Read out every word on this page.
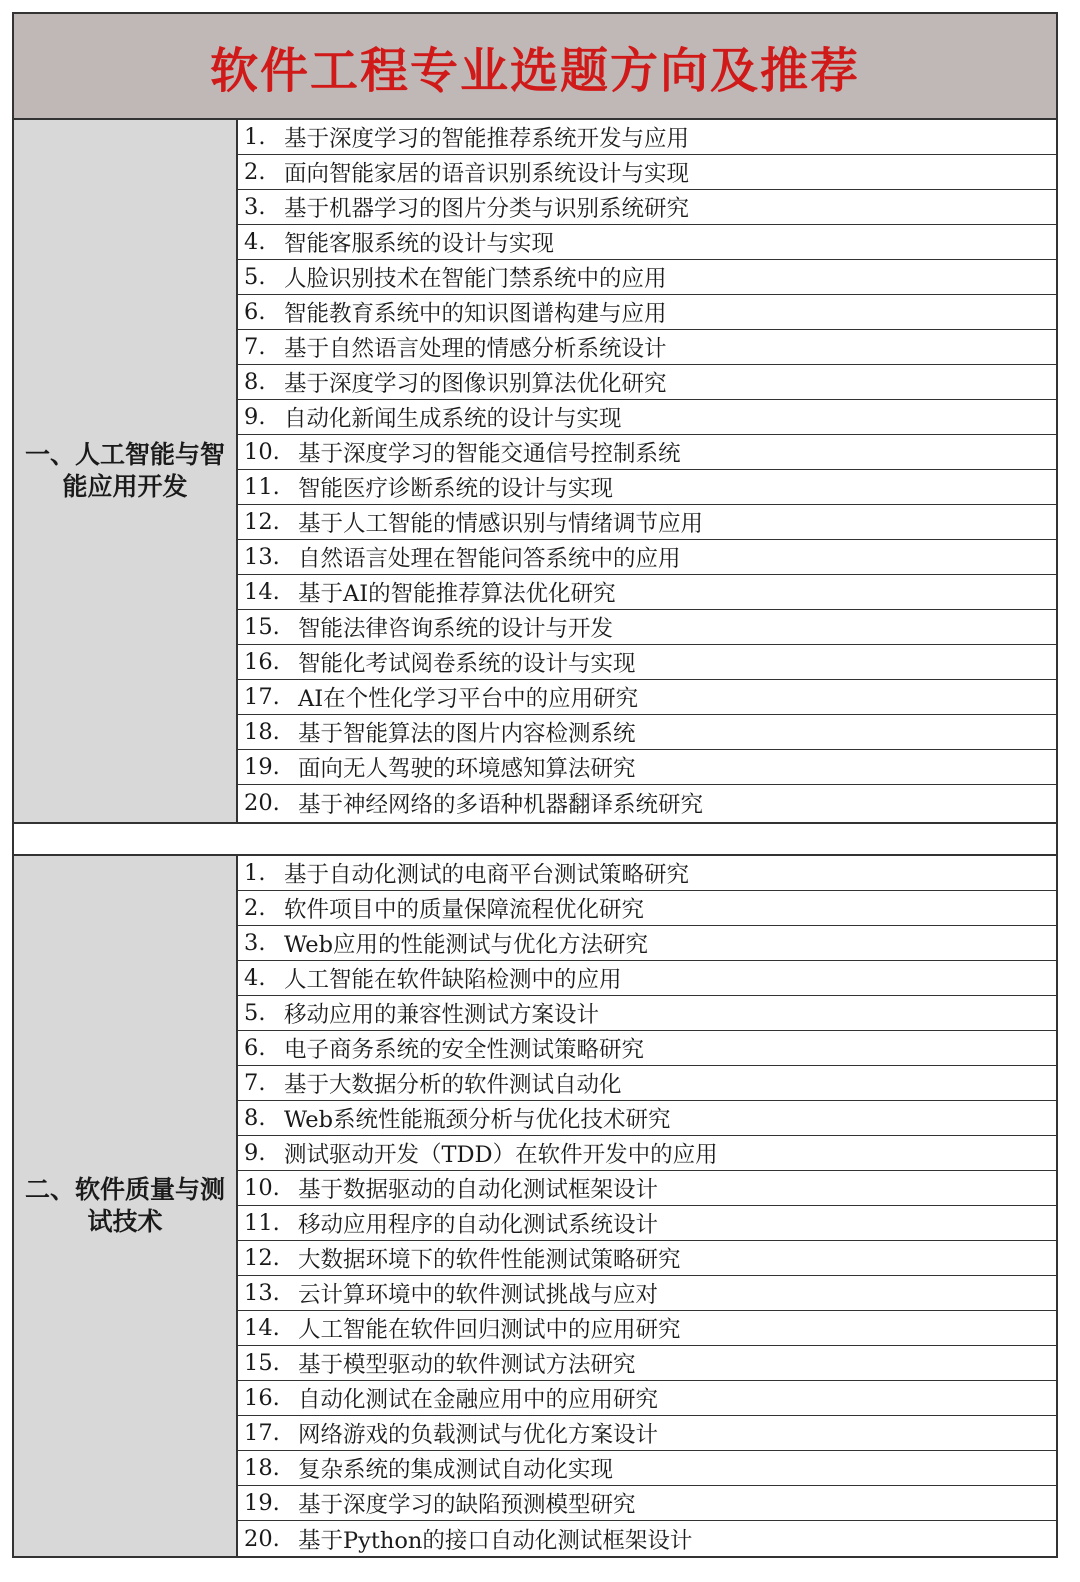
软件工程专业选题方向及推荐
一、人工智能与智能应用开发
1. 基于深度学习的智能推荐系统开发与应用
2. 面向智能家居的语音识别系统设计与实现
3. 基于机器学习的图片分类与识别系统研究
4. 智能客服系统的设计与实现
5. 人脸识别技术在智能门禁系统中的应用
6. 智能教育系统中的知识图谱构建与应用
7. 基于自然语言处理的情感分析系统设计
8. 基于深度学习的图像识别算法优化研究
9. 自动化新闻生成系统的设计与实现
10. 基于深度学习的智能交通信号控制系统
11. 智能医疗诊断系统的设计与实现
12. 基于人工智能的情感识别与情绪调节应用
13. 自然语言处理在智能问答系统中的应用
14. 基于AI的智能推荐算法优化研究
15. 智能法律咨询系统的设计与开发
16. 智能化考试阅卷系统的设计与实现
17. AI在个性化学习平台中的应用研究
18. 基于智能算法的图片内容检测系统
19. 面向无人驾驶的环境感知算法研究
20. 基于神经网络的多语种机器翻译系统研究
二、软件质量与测试技术
1. 基于自动化测试的电商平台测试策略研究
2. 软件项目中的质量保障流程优化研究
3. Web应用的性能测试与优化方法研究
4. 人工智能在软件缺陷检测中的应用
5. 移动应用的兼容性测试方案设计
6. 电子商务系统的安全性测试策略研究
7. 基于大数据分析的软件测试自动化
8. Web系统性能瓶颈分析与优化技术研究
9. 测试驱动开发（TDD）在软件开发中的应用
10. 基于数据驱动的自动化测试框架设计
11. 移动应用程序的自动化测试系统设计
12. 大数据环境下的软件性能测试策略研究
13. 云计算环境中的软件测试挑战与应对
14. 人工智能在软件回归测试中的应用研究
15. 基于模型驱动的软件测试方法研究
16. 自动化测试在金融应用中的应用研究
17. 网络游戏的负载测试与优化方案设计
18. 复杂系统的集成测试自动化实现
19. 基于深度学习的缺陷预测模型研究
20. 基于Python的接口自动化测试框架设计
